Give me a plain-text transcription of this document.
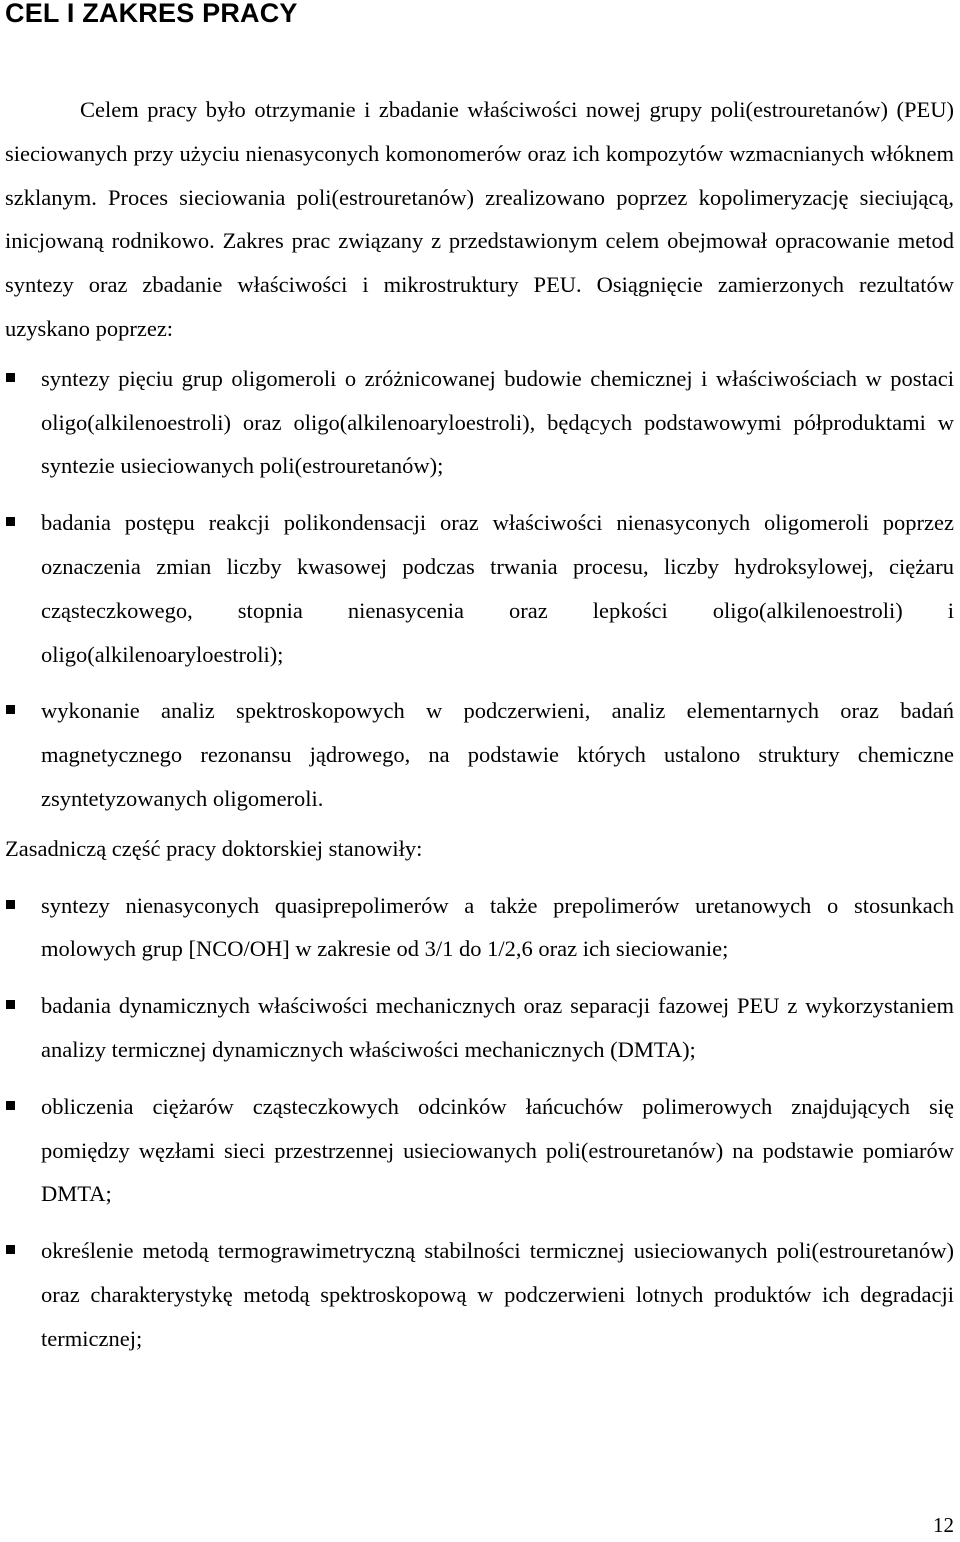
CEL I ZAKRES PRACY

Celem pracy było otrzymanie i zbadanie właściwości nowej grupy poli(estrouretanów) (PEU) sieciowanych przy użyciu nienasyconych komonomerów oraz ich kompozytów wzmacnianych włóknem szklanym. Proces sieciowania poli(estrouretanów) zrealizowano poprzez kopolimeryzację sieciującą, inicjowaną rodnikowo. Zakres prac związany z przedstawionym celem obejmował opracowanie metod syntezy oraz zbadanie właściwości i mikrostruktury PEU. Osiągnięcie zamierzonych rezultatów uzyskano poprzez:

syntezy pięciu grup oligomeroli o zróżnicowanej budowie chemicznej i właściwościach w postaci oligo(alkilenoestroli) oraz oligo(alkilenoaryloestroli), będących podstawowymi półproduktami w syntezie usieciowanych poli(estrouretanów);
badania postępu reakcji polikondensacji oraz właściwości nienasyconych oligomeroli poprzez oznaczenia zmian liczby kwasowej podczas trwania procesu, liczby hydroksylowej, ciężaru cząsteczkowego, stopnia nienasycenia oraz lepkości oligo(alkilenoestroli) i oligo(alkilenoaryloestroli);
wykonanie analiz spektroskopowych w podczerwieni, analiz elementarnych oraz badań magnetycznego rezonansu jądrowego, na podstawie których ustalono struktury chemiczne zsyntetyzowanych oligomeroli.

Zasadniczą część pracy doktorskiej stanowiły:

syntezy nienasyconych quasiprepolimerów a także prepolimerów uretanowych o stosunkach molowych grup [NCO/OH] w zakresie od 3/1 do 1/2,6 oraz ich sieciowanie;
badania dynamicznych właściwości mechanicznych oraz separacji fazowej PEU z wykorzystaniem analizy termicznej dynamicznych właściwości mechanicznych (DMTA);
obliczenia ciężarów cząsteczkowych odcinków łańcuchów polimerowych znajdujących się pomiędzy węzłami sieci przestrzennej usieciowanych poli(estrouretanów) na podstawie pomiarów DMTA;
określenie metodą termograwimetryczną stabilności termicznej usieciowanych poli(estrouretanów) oraz charakterystykę metodą spektroskopową w podczerwieni lotnych produktów ich degradacji termicznej;
12
